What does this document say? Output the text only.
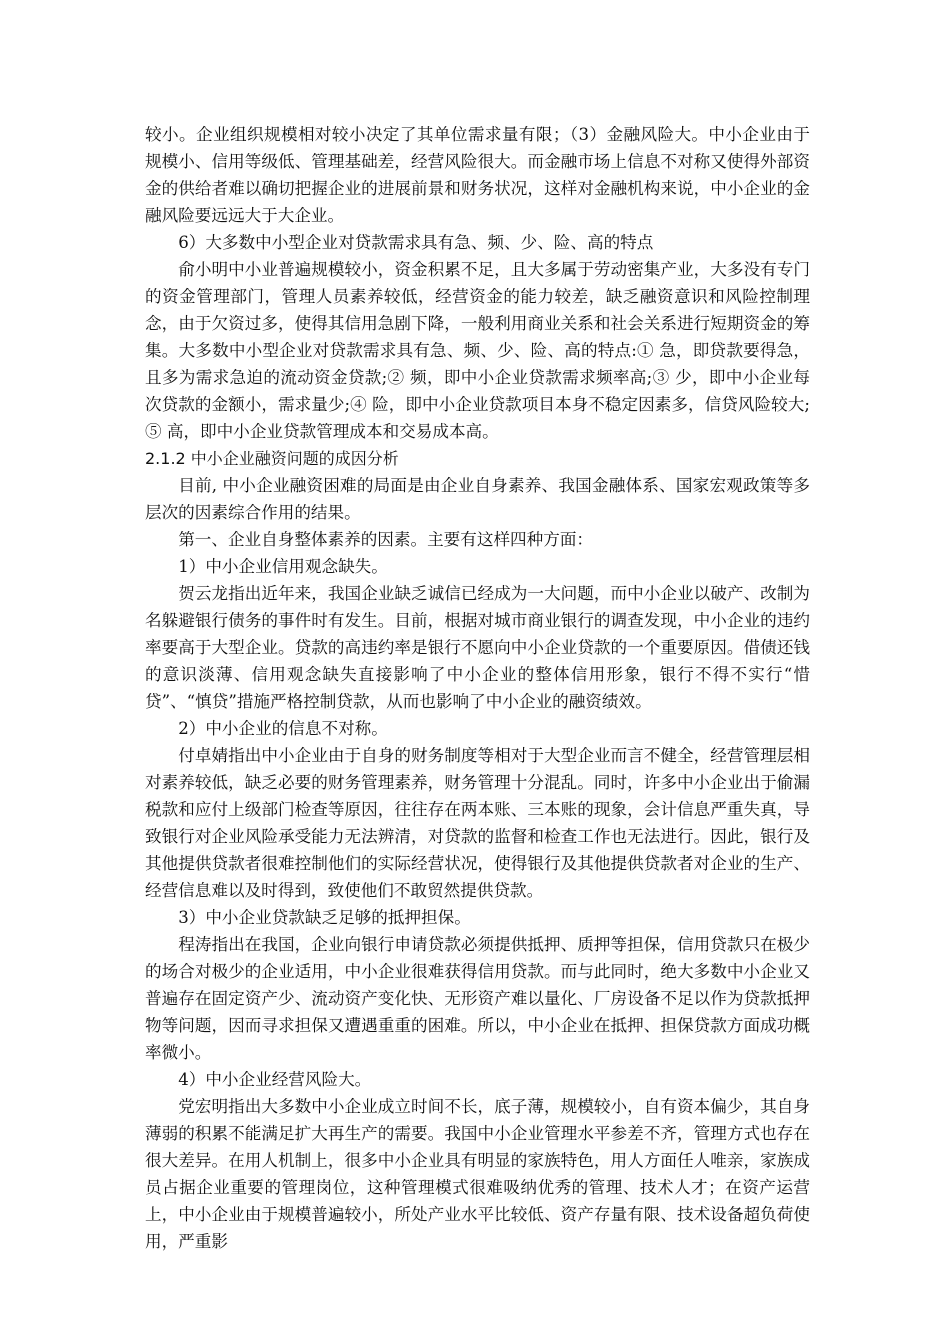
较小。企业组织规模相对较小决定了其单位需求量有限；（3）金融风险大。中小企业由于规模小、信用等级低、管理基础差，经营风险很大。而金融市场上信息不对称又使得外部资金的供给者难以确切把握企业的进展前景和财务状况，这样对金融机构来说，中小企业的金融风险要远远大于大企业。

6）大多数中小型企业对贷款需求具有急、频、少、险、高的特点

俞小明中小业普遍规模较小，资金积累不足，且大多属于劳动密集产业，大多没有专门的资金管理部门，管理人员素养较低，经营资金的能力较差，缺乏融资意识和风险控制理念，由于欠资过多，使得其信用急剧下降，一般利用商业关系和社会关系进行短期资金的筹集。大多数中小型企业对贷款需求具有急、频、少、险、高的特点:① 急，即贷款要得急，且多为需求急迫的流动资金贷款;② 频，即中小企业贷款需求频率高;③ 少，即中小企业每次贷款的金额小，需求量少;④ 险，即中小企业贷款项目本身不稳定因素多，信贷风险较大;⑤ 高，即中小企业贷款管理成本和交易成本高。

2.1.2 中小企业融资问题的成因分析

目前, 中小企业融资困难的局面是由企业自身素养、我国金融体系、国家宏观政策等多层次的因素综合作用的结果。

第一、企业自身整体素养的因素。主要有这样四种方面：

1）中小企业信用观念缺失。

贺云龙指出近年来，我国企业缺乏诚信已经成为一大问题，而中小企业以破产、改制为名躲避银行债务的事件时有发生。目前，根据对城市商业银行的调查发现，中小企业的违约率要高于大型企业。贷款的高违约率是银行不愿向中小企业贷款的一个重要原因。借债还钱的意识淡薄、信用观念缺失直接影响了中小企业的整体信用形象，银行不得不实行“惜贷”、“慎贷”措施严格控制贷款，从而也影响了中小企业的融资绩效。

2）中小企业的信息不对称。

付卓婧指出中小企业由于自身的财务制度等相对于大型企业而言不健全，经营管理层相对素养较低，缺乏必要的财务管理素养，财务管理十分混乱。同时，许多中小企业出于偷漏税款和应付上级部门检查等原因，往往存在两本账、三本账的现象，会计信息严重失真，导致银行对企业风险承受能力无法辨清，对贷款的监督和检查工作也无法进行。因此，银行及其他提供贷款者很难控制他们的实际经营状况，使得银行及其他提供贷款者对企业的生产、经营信息难以及时得到，致使他们不敢贸然提供贷款。

3）中小企业贷款缺乏足够的抵押担保。

程涛指出在我国，企业向银行申请贷款必须提供抵押、质押等担保，信用贷款只在极少的场合对极少的企业适用，中小企业很难获得信用贷款。而与此同时，绝大多数中小企业又普遍存在固定资产少、流动资产变化快、无形资产难以量化、厂房设备不足以作为贷款抵押物等问题，因而寻求担保又遭遇重重的困难。所以，中小企业在抵押、担保贷款方面成功概率微小。

4）中小企业经营风险大。

党宏明指出大多数中小企业成立时间不长，底子薄，规模较小，自有资本偏少，其自身薄弱的积累不能满足扩大再生产的需要。我国中小企业管理水平参差不齐，管理方式也存在很大差异。在用人机制上，很多中小企业具有明显的家族特色，用人方面任人唯亲，家族成员占据企业重要的管理岗位，这种管理模式很难吸纳优秀的管理、技术人才；在资产运营上，中小企业由于规模普遍较小，所处产业水平比较低、资产存量有限、技术设备超负荷使用，严重影
